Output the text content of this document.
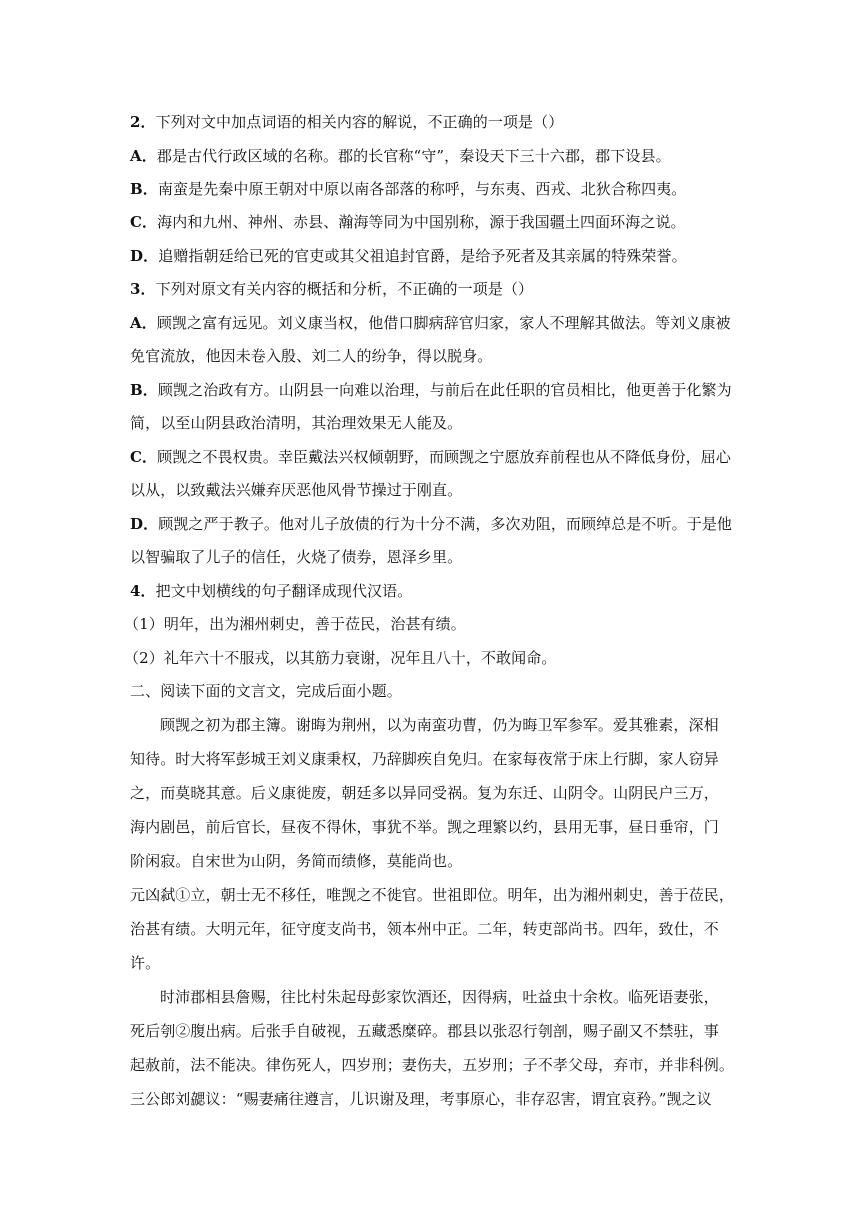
2．下列对文中加点词语的相关内容的解说，不正确的一项是（）
A．郡是古代行政区域的名称。郡的长官称“守”，秦设天下三十六郡，郡下设县。
B．南蛮是先秦中原王朝对中原以南各部落的称呼，与东夷、西戎、北狄合称四夷。
C．海内和九州、神州、赤县、瀚海等同为中国别称，源于我国疆土四面环海之说。
D．追赠指朝廷给已死的官吏或其父祖追封官爵，是给予死者及其亲属的特殊荣誉。
3．下列对原文有关内容的概括和分析，不正确的一项是（）
A．顾觊之富有远见。刘义康当权，他借口脚病辞官归家，家人不理解其做法。等刘义康被
免官流放，他因未卷入殷、刘二人的纷争，得以脱身。
B．顾觊之治政有方。山阴县一向难以治理，与前后在此任职的官员相比，他更善于化繁为
简，以至山阴县政治清明，其治理效果无人能及。
C．顾觊之不畏权贵。幸臣戴法兴权倾朝野，而顾觊之宁愿放弃前程也从不降低身份，屈心
以从，以致戴法兴嫌弃厌恶他风骨节操过于刚直。
D．顾觊之严于教子。他对儿子放债的行为十分不满，多次劝阻，而顾绰总是不听。于是他
以智骗取了儿子的信任，火烧了债券，恩泽乡里。
4．把文中划横线的句子翻译成现代汉语。
（1）明年，出为湘州刺史，善于莅民，治甚有绩。
（2）礼年六十不服戎，以其筋力衰谢，况年且八十，不敢闻命。
二、阅读下面的文言文，完成后面小题。
顾觊之初为郡主簿。谢晦为荆州，以为南蛮功曹，仍为晦卫军参军。爱其雅素，深相
知待。时大将军彭城王刘义康秉权，乃辞脚疾自免归。在家每夜常于床上行脚，家人窃异
之，而莫晓其意。后义康徙废，朝廷多以异同受祸。复为东迁、山阴令。山阴民户三万，
海内剧邑，前后官长，昼夜不得休，事犹不举。觊之理繁以约，县用无事，昼日垂帘，门
阶闲寂。自宋世为山阴，务简而绩修，莫能尚也。
元凶弑①立，朝士无不移任，唯觊之不徙官。世祖即位。明年，出为湘州刺史，善于莅民，
治甚有绩。大明元年，征守度支尚书，领本州中正。二年，转吏部尚书。四年，致仕，不
许。
时沛郡相县詹赐，往比村朱起母彭家饮酒还，因得病，吐益虫十余枚。临死语妻张，
死后刳②腹出病。后张手自破视，五藏悉糜碎。郡县以张忍行刳剖，赐子副又不禁驻，事
起赦前，法不能决。律伤死人，四岁刑；妻伤夫，五岁刑；子不孝父母，弃市，并非科例。
三公郎刘勰议：“赐妻痛往遵言，儿识谢及理，考事原心，非存忍害，谓宜哀矜。”觊之议
